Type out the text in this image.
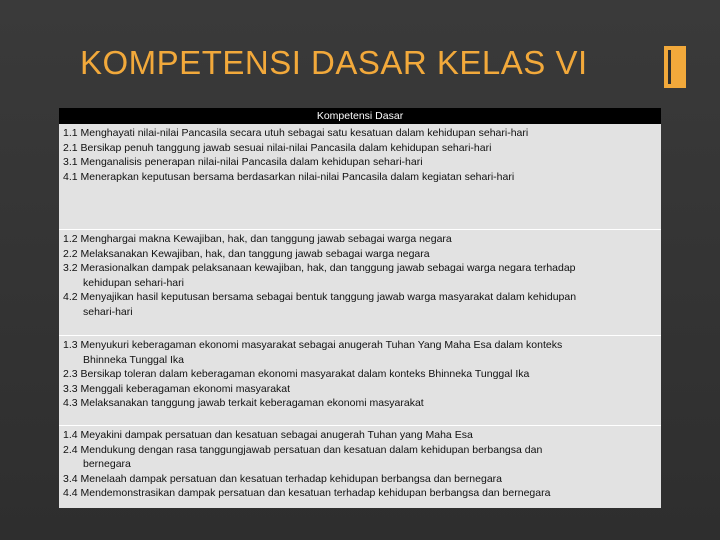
KOMPETENSI DASAR KELAS VI
Kompetensi Dasar
1.1 Menghayati nilai-nilai Pancasila secara utuh sebagai satu kesatuan dalam kehidupan sehari-hari
2.1 Bersikap penuh tanggung jawab sesuai nilai-nilai Pancasila dalam kehidupan sehari-hari
3.1 Menganalisis penerapan nilai-nilai Pancasila dalam kehidupan sehari-hari
4.1 Menerapkan keputusan bersama berdasarkan nilai-nilai Pancasila dalam kegiatan sehari-hari
1.2 Menghargai makna Kewajiban, hak, dan tanggung jawab sebagai warga negara
2.2 Melaksanakan Kewajiban, hak, dan tanggung jawab sebagai warga negara
3.2 Merasionalkan dampak pelaksanaan kewajiban, hak, dan tanggung jawab sebagai warga negara terhadap
kehidupan sehari-hari
4.2 Menyajikan hasil keputusan bersama sebagai bentuk tanggung jawab warga masyarakat dalam kehidupan
sehari-hari
1.3 Menyukuri keberagaman ekonomi masyarakat sebagai anugerah Tuhan Yang Maha Esa dalam konteks
Bhinneka Tunggal Ika
2.3 Bersikap toleran dalam keberagaman ekonomi masyarakat dalam konteks Bhinneka Tunggal Ika
3.3 Menggali keberagaman ekonomi masyarakat
4.3 Melaksanakan tanggung jawab terkait keberagaman ekonomi masyarakat
1.4 Meyakini dampak persatuan dan kesatuan sebagai anugerah Tuhan yang Maha Esa
2.4 Mendukung dengan rasa tanggungjawab persatuan dan kesatuan dalam kehidupan berbangsa dan
bernegara
3.4 Menelaah dampak persatuan dan kesatuan terhadap kehidupan berbangsa dan bernegara
4.4 Mendemonstrasikan dampak persatuan dan kesatuan terhadap kehidupan berbangsa dan bernegara
